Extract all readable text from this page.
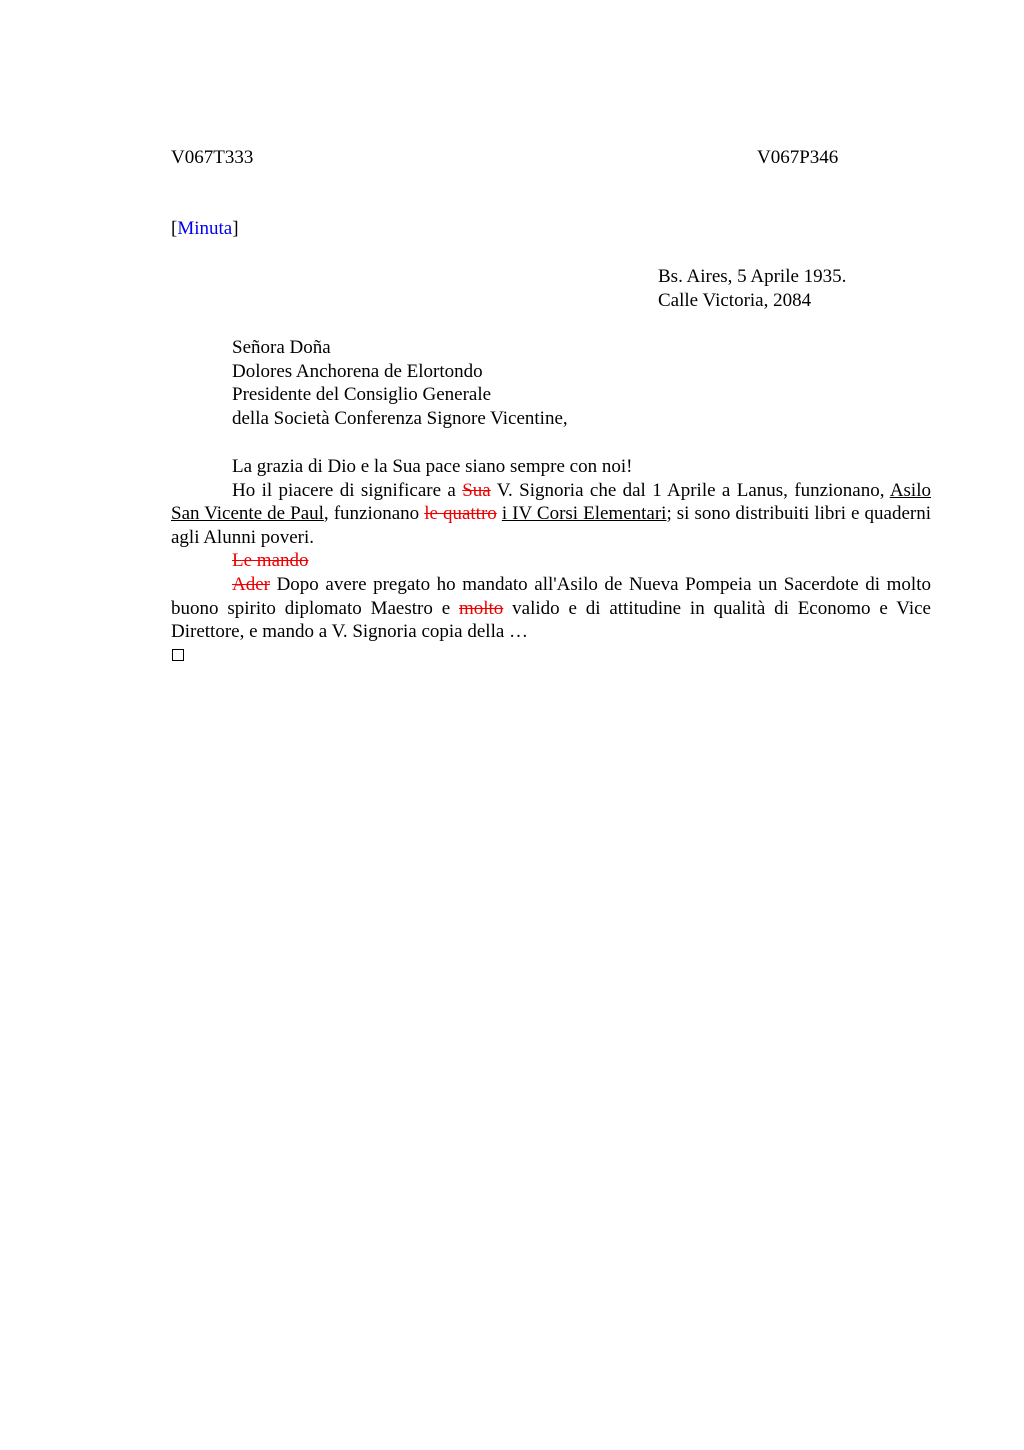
V067T333	V067P346
[Minuta]
Bs. Aires, 5 Aprile 1935.
Calle Victoria, 2084
Señora Doña
Dolores Anchorena de Elortondo
Presidente del Consiglio Generale
della Società Conferenza Signore Vicentine,

La grazia di Dio e la Sua pace siano sempre con noi!

Ho il piacere di significare a Sua V. Signoria che dal 1 Aprile a Lanus, funzionano, Asilo San Vicente de Paul, funzionano le quattro i IV Corsi Elementari; si sono distribuiti libri e quaderni agli Alunni poveri.

Le mando

Ader Dopo avere pregato ho mandato all'Asilo de Nueva Pompeia un Sacerdote di molto buono spirito diplomato Maestro e molto valido e di attitudine in qualità di Economo e Vice Direttore, e mando a V. Signoria copia della …
